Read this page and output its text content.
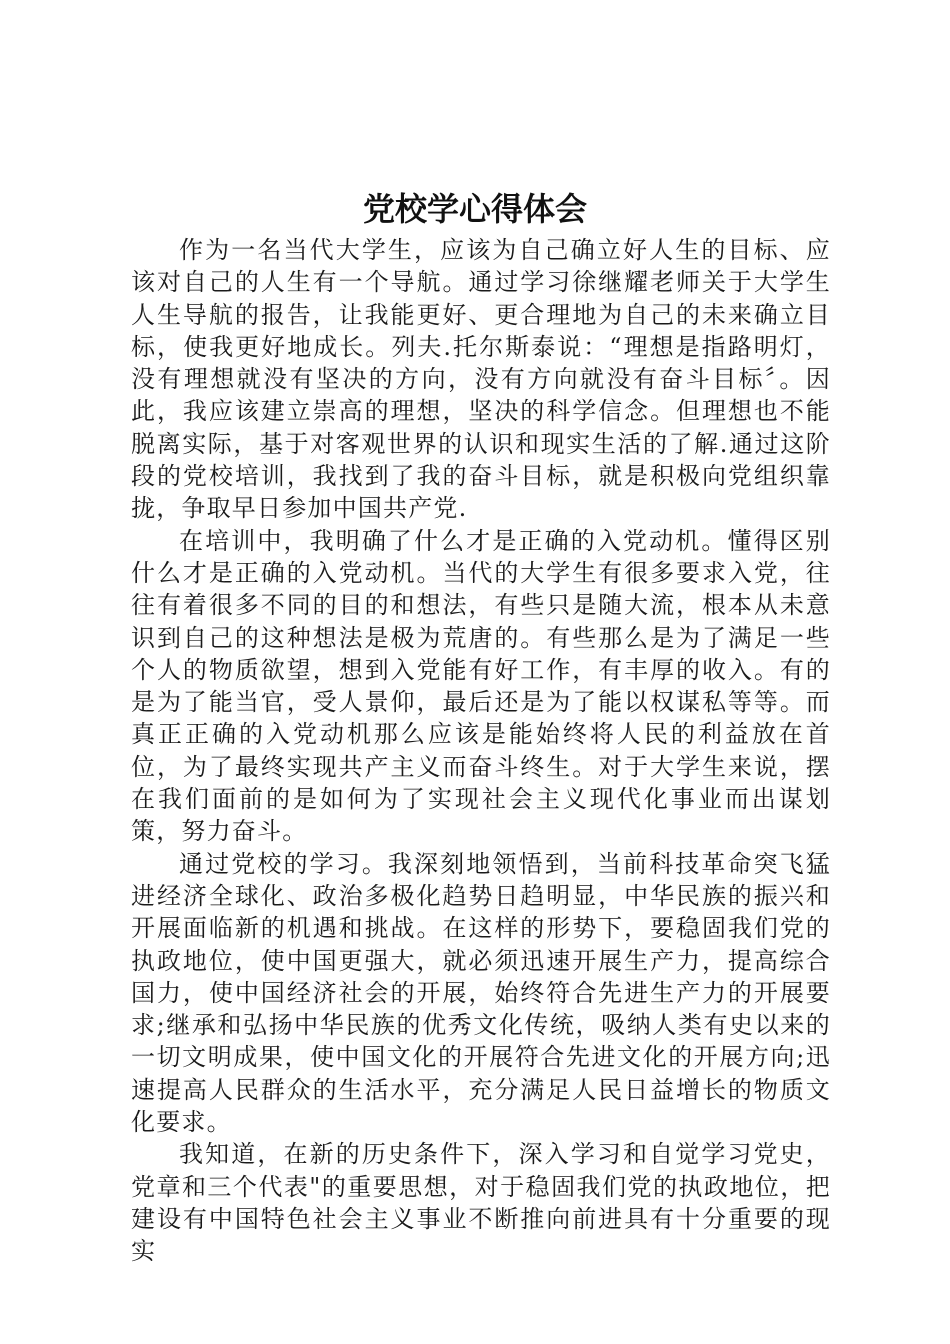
党校学心得体会

作为一名当代大学生，应该为自己确立好人生的目标、应该对自己的人生有一个导航。通过学习徐继耀老师关于大学生人生导航的报告，让我能更好、更合理地为自己的未来确立目标，使我更好地成长。列夫.托尔斯泰说：“理想是指路明灯，没有理想就没有坚决的方向，没有方向就没有奋斗目标〞。因此，我应该建立崇高的理想，坚决的科学信念。但理想也不能脱离实际，基于对客观世界的认识和现实生活的了解.通过这阶段的党校培训，我找到了我的奋斗目标，就是积极向党组织靠拢，争取早日参加中国共产党.

在培训中，我明确了什么才是正确的入党动机。懂得区别什么才是正确的入党动机。当代的大学生有很多要求入党，往往有着很多不同的目的和想法，有些只是随大流，根本从未意识到自己的这种想法是极为荒唐的。有些那么是为了满足一些个人的物质欲望，想到入党能有好工作，有丰厚的收入。有的是为了能当官，受人景仰，最后还是为了能以权谋私等等。而真正正确的入党动机那么应该是能始终将人民的利益放在首位，为了最终实现共产主义而奋斗终生。对于大学生来说，摆在我们面前的是如何为了实现社会主义现代化事业而出谋划策，努力奋斗。

通过党校的学习。我深刻地领悟到，当前科技革命突飞猛进经济全球化、政治多极化趋势日趋明显，中华民族的振兴和开展面临新的机遇和挑战。在这样的形势下，要稳固我们党的执政地位，使中国更强大，就必须迅速开展生产力，提高综合国力，使中国经济社会的开展，始终符合先进生产力的开展要求;继承和弘扬中华民族的优秀文化传统，吸纳人类有史以来的一切文明成果，使中国文化的开展符合先进文化的开展方向;迅速提高人民群众的生活水平，充分满足人民日益增长的物质文化要求。

我知道，在新的历史条件下，深入学习和自觉学习党史，党章和三个代表"的重要思想，对于稳固我们党的执政地位，把建设有中国特色社会主义事业不断推向前进具有十分重要的现实
